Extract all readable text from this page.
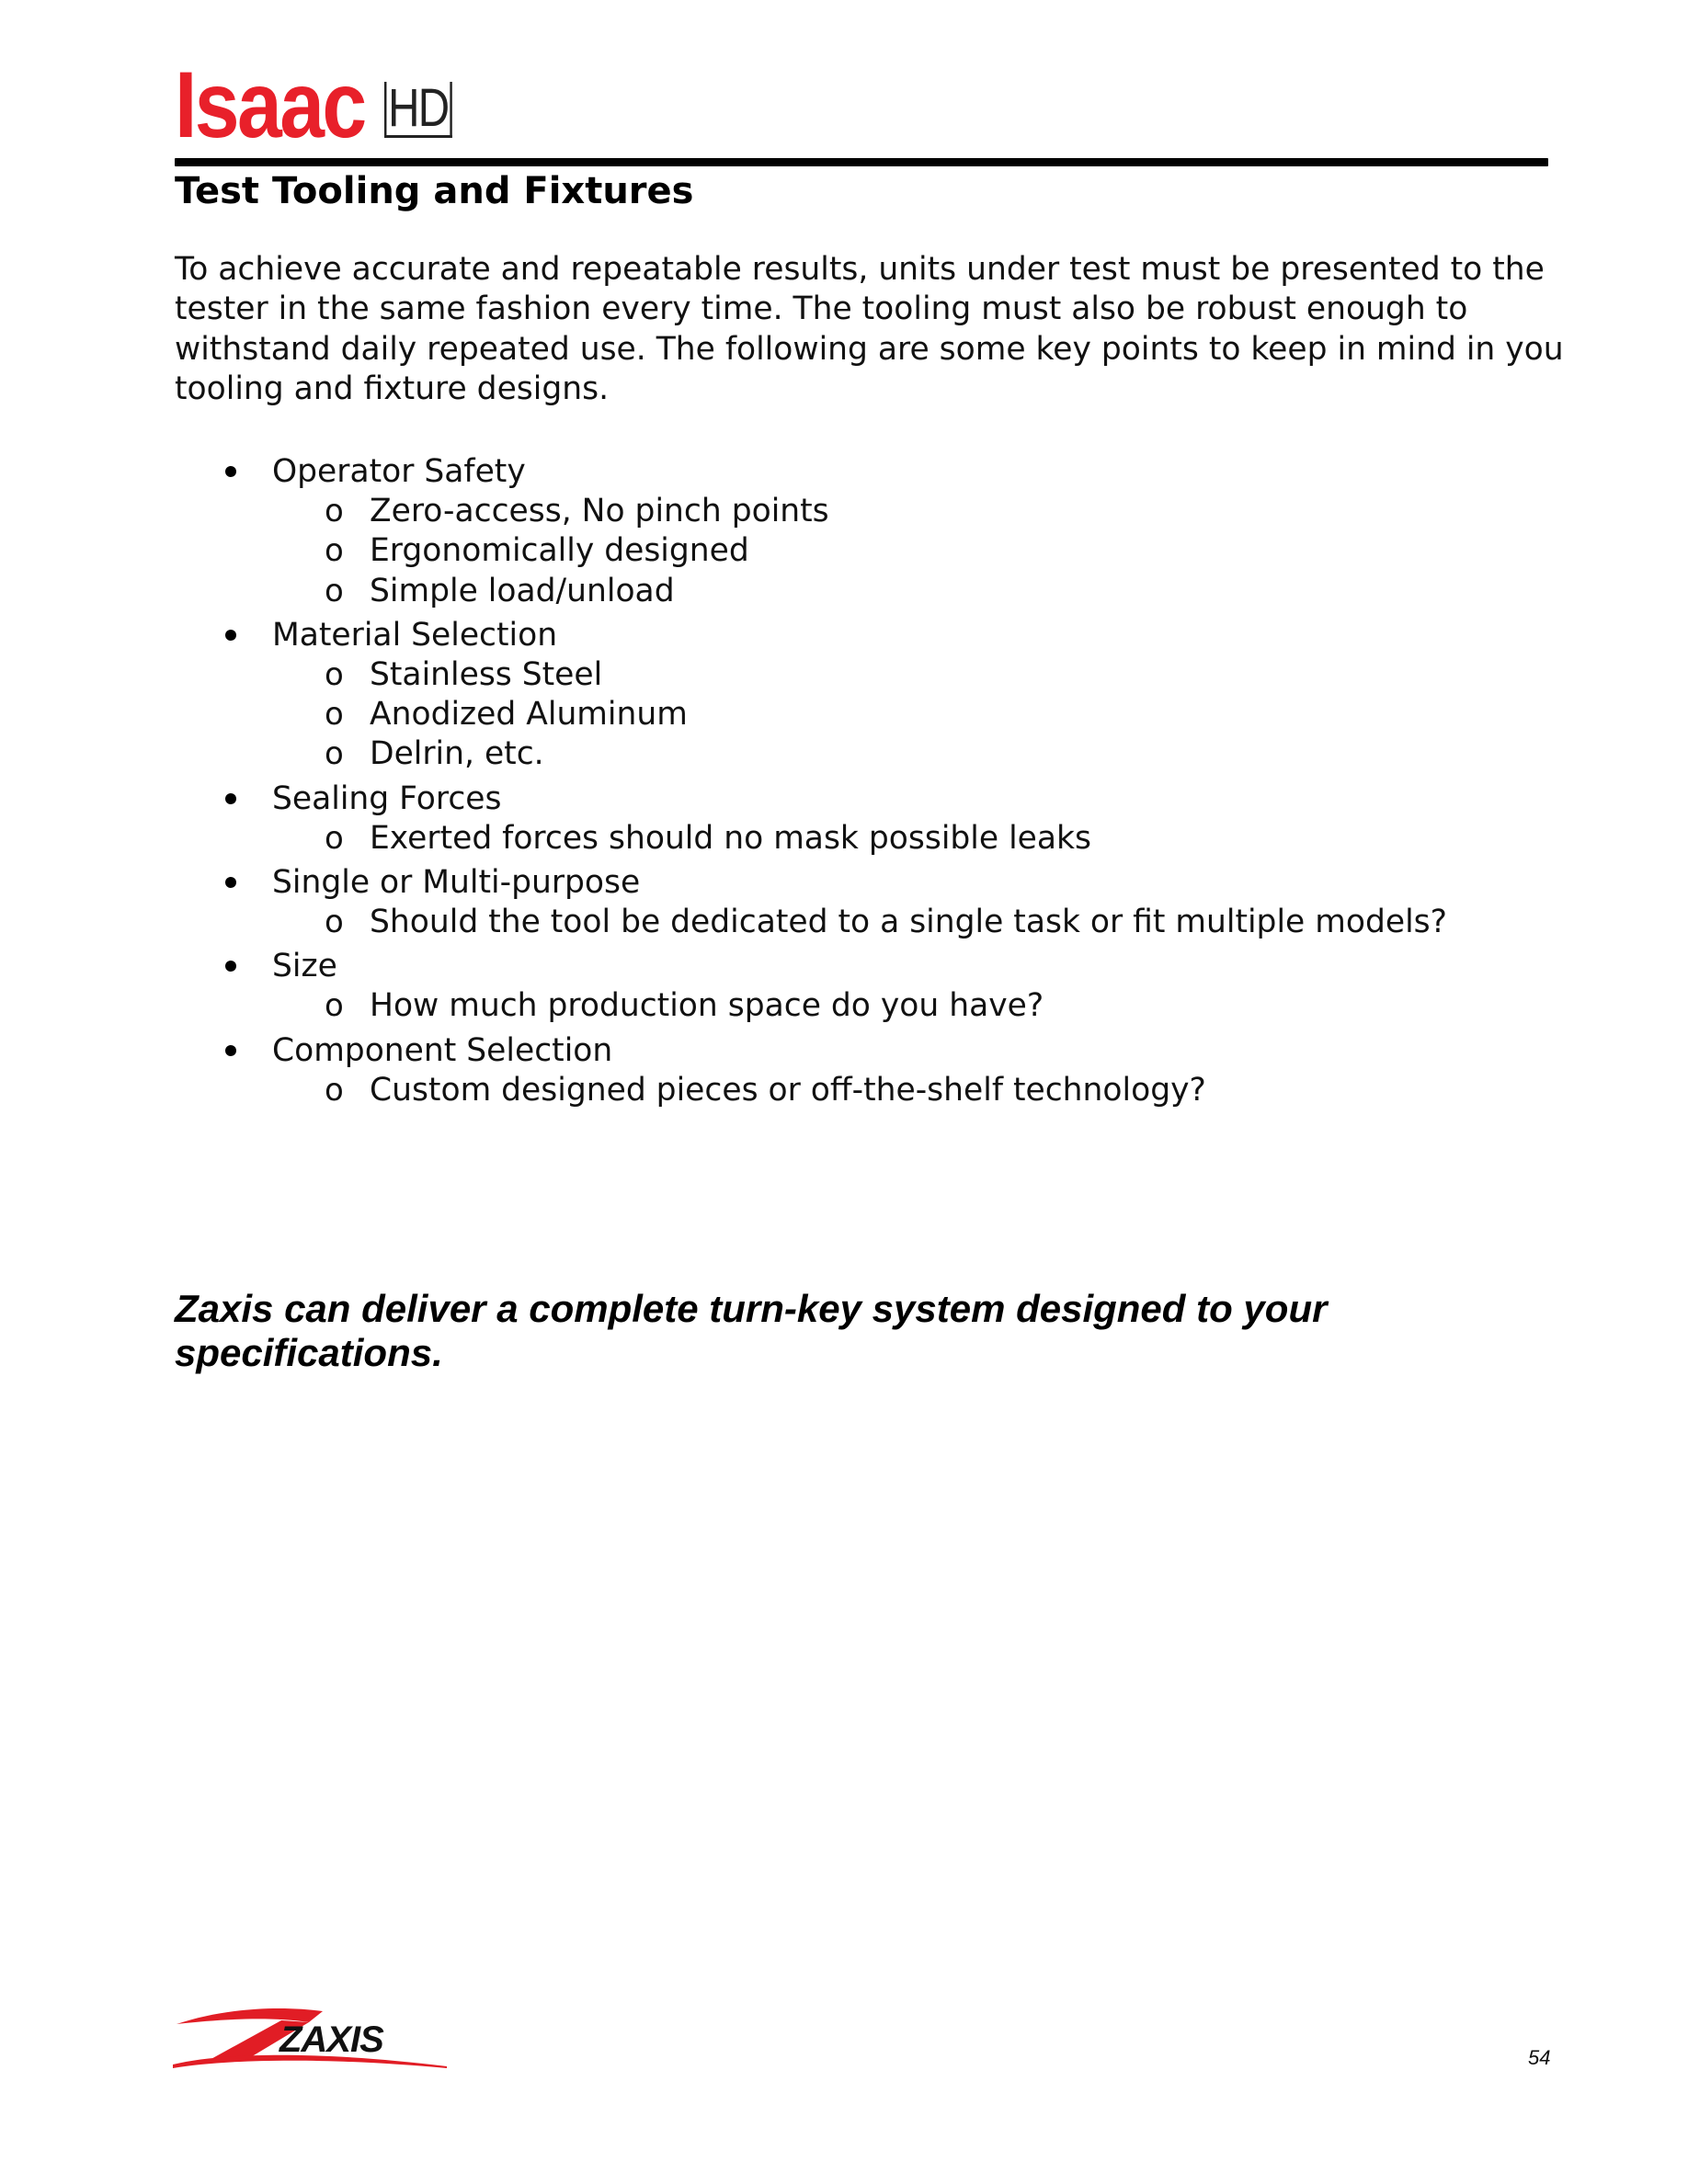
Isaac HD
Test Tooling and Fixtures

To achieve accurate and repeatable results, units under test must be presented to the tester in the same fashion every time. The tooling must also be robust enough to withstand daily repeated use. The following are some key points to keep in mind in you tooling and fixture designs.

Operator Safety
o Zero-access, No pinch points
o Ergonomically designed
o Simple load/unload
Material Selection
o Stainless Steel
o Anodized Aluminum
o Delrin, etc.
Sealing Forces
o Exerted forces should no mask possible leaks
Single or Multi-purpose
o Should the tool be dedicated to a single task or fit multiple models?
Size
o How much production space do you have?
Component Selection
o Custom designed pieces or off-the-shelf technology?

Zaxis can deliver a complete turn-key system designed to your specifications.

ZAXIS	54
